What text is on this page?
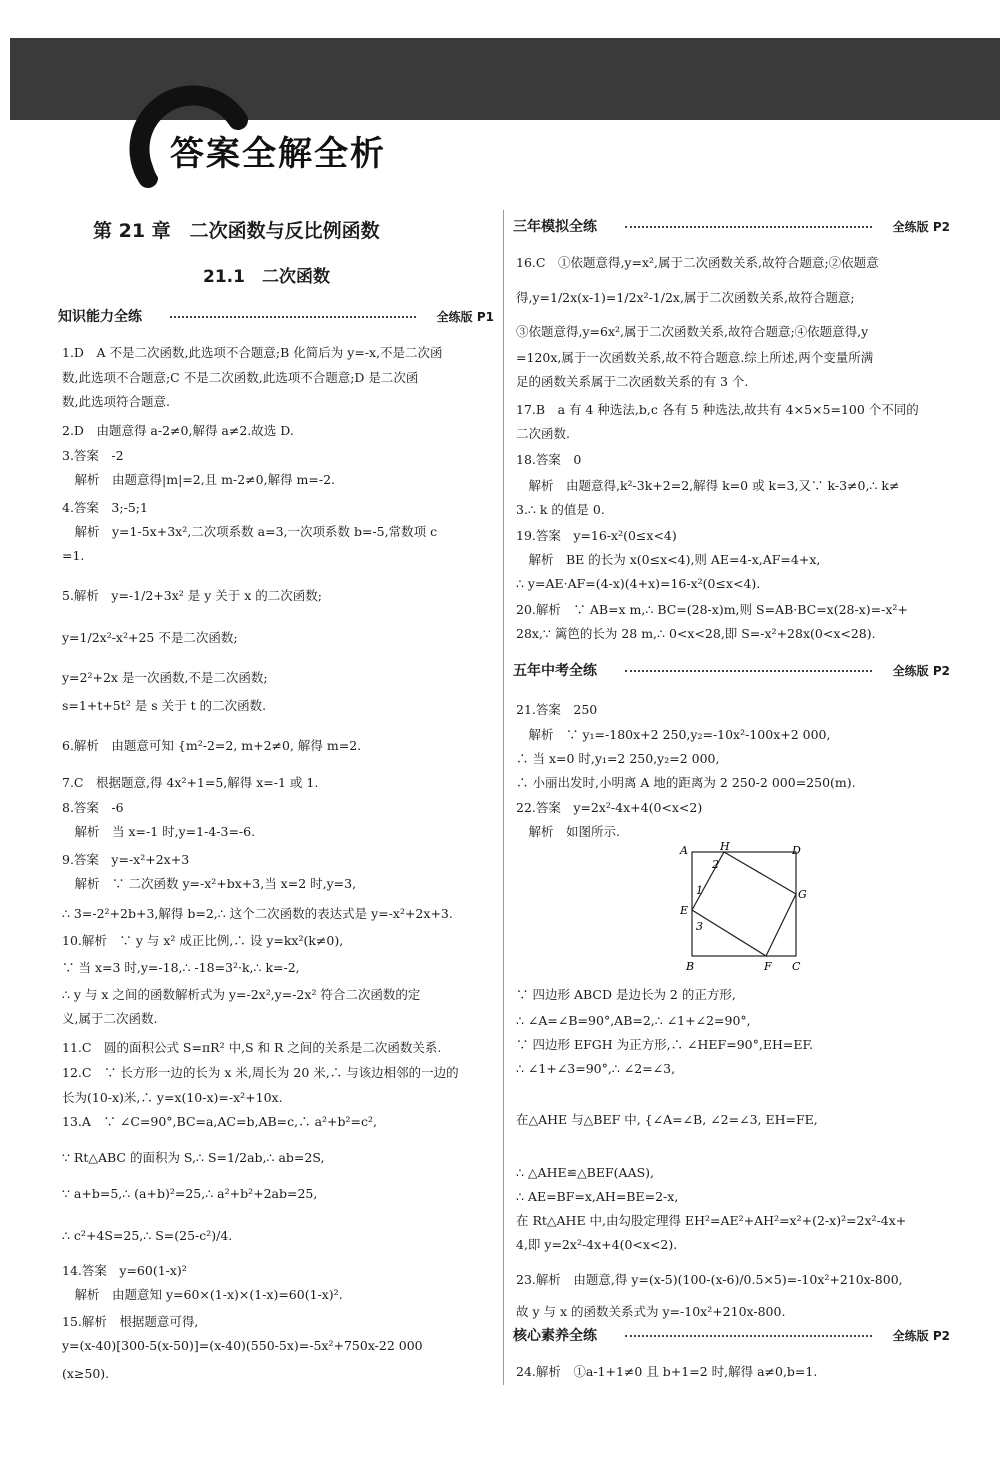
答案全解全析
第 21 章　二次函数与反比例函数
21.1　二次函数
知识能力全练	全练版 P1
三年模拟全练	全练版 P2
五年中考全练	全练版 P2
核心素养全练	全练版 P2
1.D　A 不是二次函数,此选项不合题意;B 化简后为 y=-x,不是二次函
数,此选项不合题意;C 不是二次函数,此选项不合题意;D 是二次函
数,此选项符合题意.
2.D　由题意得 a-2≠0,解得 a≠2.故选 D.
3.答案　-2
　解析　由题意得|m|=2,且 m-2≠0,解得 m=-2.
4.答案　3;-5;1
　解析　y=1-5x+3x²,二次项系数 a=3,一次项系数 b=-5,常数项 c
=1.
5.解析　y=-1/2+3x² 是 y 关于 x 的二次函数;
y=1/2x²-x²+25 不是二次函数;
y=2²+2x 是一次函数,不是二次函数;
s=1+t+5t² 是 s 关于 t 的二次函数.
6.解析　由题意可知 {m²-2=2, m+2≠0, 解得 m=2.
7.C　根据题意,得 4x²+1=5,解得 x=-1 或 1.
8.答案　-6
　解析　当 x=-1 时,y=1-4-3=-6.
9.答案　y=-x²+2x+3
　解析　∵ 二次函数 y=-x²+bx+3,当 x=2 时,y=3,
∴ 3=-2²+2b+3,解得 b=2,∴ 这个二次函数的表达式是 y=-x²+2x+3.
10.解析　∵ y 与 x² 成正比例,∴ 设 y=kx²(k≠0),
∵ 当 x=3 时,y=-18,∴ -18=3²·k,∴ k=-2,
∴ y 与 x 之间的函数解析式为 y=-2x²,y=-2x² 符合二次函数的定
义,属于二次函数.
11.C　圆的面积公式 S=πR² 中,S 和 R 之间的关系是二次函数关系.
12.C　∵ 长方形一边的长为 x 米,周长为 20 米,∴ 与该边相邻的一边的
长为(10-x)米,∴ y=x(10-x)=-x²+10x.
13.A　∵ ∠C=90°,BC=a,AC=b,AB=c,∴ a²+b²=c²,
∵ Rt△ABC 的面积为 S,∴ S=1/2ab,∴ ab=2S,
∵ a+b=5,∴ (a+b)²=25,∴ a²+b²+2ab=25,
∴ c²+4S=25,∴ S=(25-c²)/4.
14.答案　y=60(1-x)²
　解析　由题意知 y=60×(1-x)×(1-x)=60(1-x)².
15.解析　根据题意可得,
y=(x-40)[300-5(x-50)]=(x-40)(550-5x)=-5x²+750x-22 000
(x≥50).
16.C　①依题意得,y=x²,属于二次函数关系,故符合题意;②依题意
得,y=1/2x(x-1)=1/2x²-1/2x,属于二次函数关系,故符合题意;
③依题意得,y=6x²,属于二次函数关系,故符合题意;④依题意得,y
=120x,属于一次函数关系,故不符合题意.综上所述,两个变量所满
足的函数关系属于二次函数关系的有 3 个.
17.B　a 有 4 种选法,b,c 各有 5 种选法,故共有 4×5×5=100 个不同的
二次函数.
18.答案　0
　解析　由题意得,k²-3k+2=2,解得 k=0 或 k=3,又∵ k-3≠0,∴ k≠
3.∴ k 的值是 0.
19.答案　y=16-x²(0≤x<4)
　解析　BE 的长为 x(0≤x<4),则 AE=4-x,AF=4+x,
∴ y=AE·AF=(4-x)(4+x)=16-x²(0≤x<4).
20.解析　∵ AB=x m,∴ BC=(28-x)m,则 S=AB·BC=x(28-x)=-x²+
28x,∵ 篱笆的长为 28 m,∴ 0<x<28,即 S=-x²+28x(0<x<28).
21.答案　250
　解析　∵ y₁=-180x+2 250,y₂=-10x²-100x+2 000,
∴ 当 x=0 时,y₁=2 250,y₂=2 000,
∴ 小丽出发时,小明离 A 地的距离为 2 250-2 000=250(m).
22.答案　y=2x²-4x+4(0<x<2)
　解析　如图所示.
∵ 四边形 ABCD 是边长为 2 的正方形,
∴ ∠A=∠B=90°,AB=2,∴ ∠1+∠2=90°,
∵ 四边形 EFGH 为正方形,∴ ∠HEF=90°,EH=EF.
∴ ∠1+∠3=90°,∴ ∠2=∠3,
在△AHE 与△BEF 中, {∠A=∠B, ∠2=∠3, EH=FE,
∴ △AHE≌△BEF(AAS),
∴ AE=BF=x,AH=BE=2-x,
在 Rt△AHE 中,由勾股定理得 EH²=AE²+AH²=x²+(2-x)²=2x²-4x+
4,即 y=2x²-4x+4(0<x<2).
23.解析　由题意,得 y=(x-5)(100-(x-6)/0.5×5)=-10x²+210x-800,
故 y 与 x 的函数关系式为 y=-10x²+210x-800.
24.解析　①a-1+1≠0 且 b+1=2 时,解得 a≠0,b=1.
A	H	D
2
1
E
G
3
F
B	C
